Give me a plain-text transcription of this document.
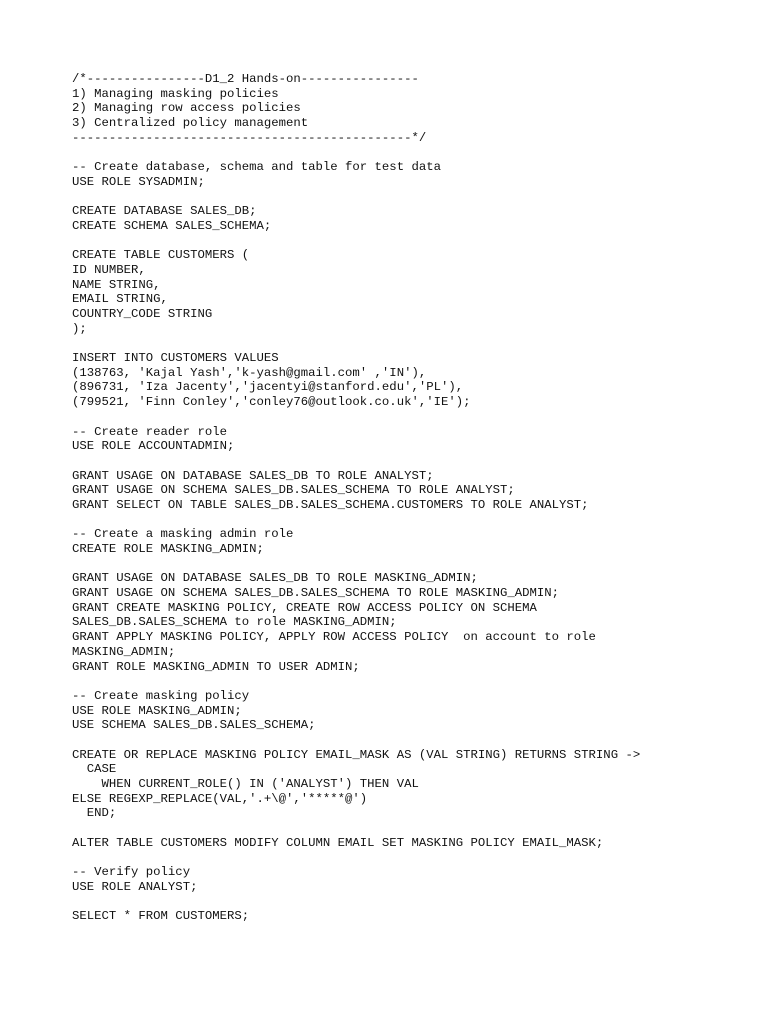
/*----------------D1_2 Hands-on----------------
1) Managing masking policies
2) Managing row access policies
3) Centralized policy management
----------------------------------------------*/
-- Create database, schema and table for test data
USE ROLE SYSADMIN;
CREATE DATABASE SALES_DB;
CREATE SCHEMA SALES_SCHEMA;
CREATE TABLE CUSTOMERS (
ID NUMBER,
NAME STRING,
EMAIL STRING,
COUNTRY_CODE STRING
);
INSERT INTO CUSTOMERS VALUES
(138763, 'Kajal Yash','k-yash@gmail.com' ,'IN'),
(896731, 'Iza Jacenty','jacentyi@stanford.edu','PL'),
(799521, 'Finn Conley','conley76@outlook.co.uk','IE');
-- Create reader role
USE ROLE ACCOUNTADMIN;
GRANT USAGE ON DATABASE SALES_DB TO ROLE ANALYST;
GRANT USAGE ON SCHEMA SALES_DB.SALES_SCHEMA TO ROLE ANALYST;
GRANT SELECT ON TABLE SALES_DB.SALES_SCHEMA.CUSTOMERS TO ROLE ANALYST;
-- Create a masking admin role
CREATE ROLE MASKING_ADMIN;
GRANT USAGE ON DATABASE SALES_DB TO ROLE MASKING_ADMIN;
GRANT USAGE ON SCHEMA SALES_DB.SALES_SCHEMA TO ROLE MASKING_ADMIN;
GRANT CREATE MASKING POLICY, CREATE ROW ACCESS POLICY ON SCHEMA
SALES_DB.SALES_SCHEMA to role MASKING_ADMIN;
GRANT APPLY MASKING POLICY, APPLY ROW ACCESS POLICY  on account to role
MASKING_ADMIN;
GRANT ROLE MASKING_ADMIN TO USER ADMIN;
-- Create masking policy
USE ROLE MASKING_ADMIN;
USE SCHEMA SALES_DB.SALES_SCHEMA;
CREATE OR REPLACE MASKING POLICY EMAIL_MASK AS (VAL STRING) RETURNS STRING ->
CASE
WHEN CURRENT_ROLE() IN ('ANALYST') THEN VAL
ELSE REGEXP_REPLACE(VAL,'.+\@','*****@')
END;
ALTER TABLE CUSTOMERS MODIFY COLUMN EMAIL SET MASKING POLICY EMAIL_MASK;
-- Verify policy
USE ROLE ANALYST;
SELECT * FROM CUSTOMERS;
